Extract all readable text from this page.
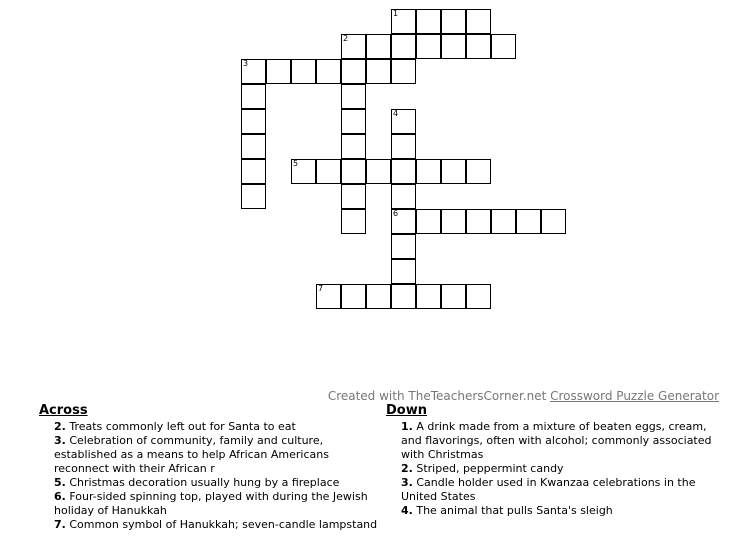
1
2
3
4
6
5
7
Created with TheTeachersCorner.net Crossword Puzzle Generator
Across
2. Treats commonly left out for Santa to eat
3. Celebration of community, family and culture, established as a means to help African Americans reconnect with their African r
5. Christmas decoration usually hung by a fireplace
6. Four-sided spinning top, played with during the Jewish holiday of Hanukkah
7. Common symbol of Hanukkah; seven-candle lampstand
Down
1. A drink made from a mixture of beaten eggs, cream, and flavorings, often with alcohol; commonly associated with Christmas
2. Striped, peppermint candy
3. Candle holder used in Kwanzaa celebrations in the United States
4. The animal that pulls Santa's sleigh
